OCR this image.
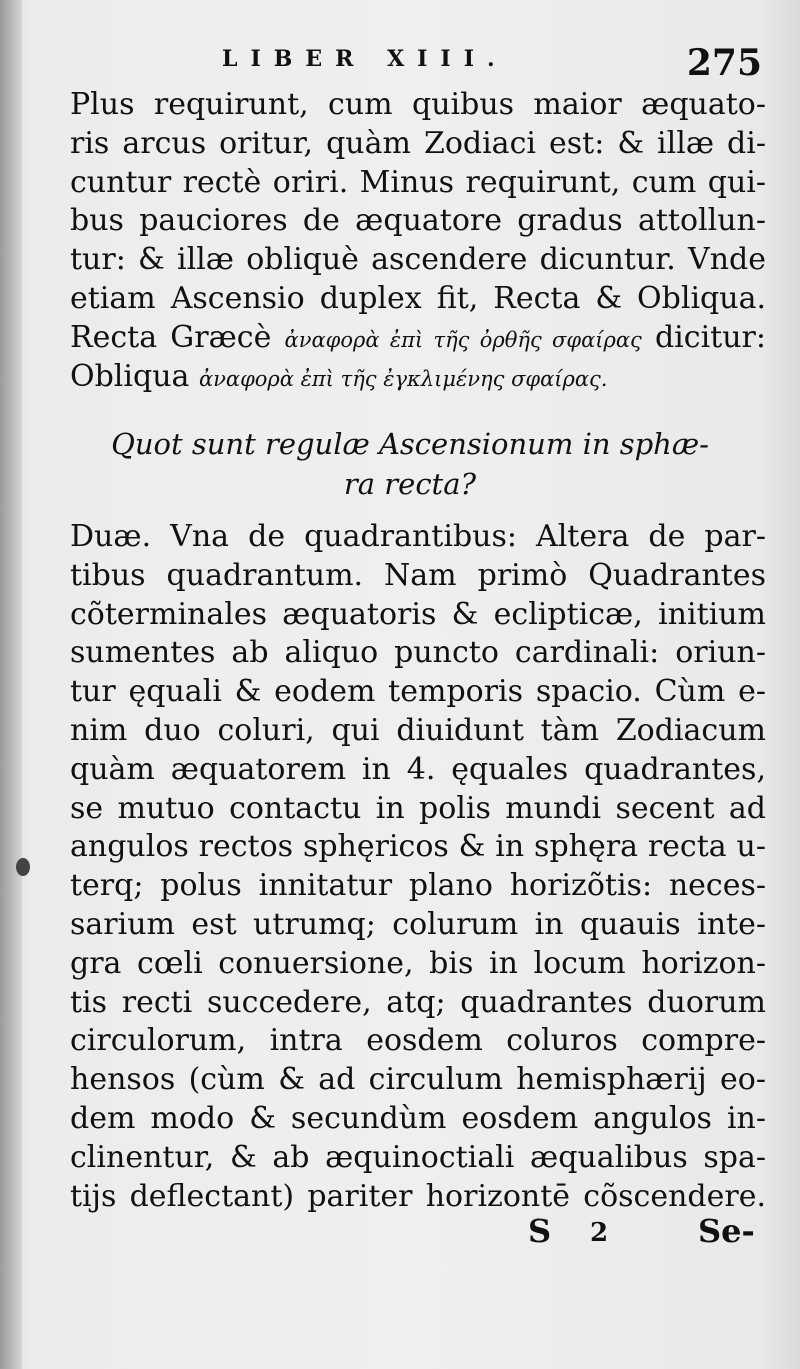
LIBER XIII.	275
Plus requirunt, cum quibus maior æquato-
ris arcus oritur, quàm Zodiaci est: & illæ di-
cuntur rectè oriri. Minus requirunt, cum qui-
bus pauciores de æquatore gradus attollun-
tur: & illæ obliquè ascendere dicuntur. Vnde
etiam Ascensio duplex fit, Recta & Obliqua.
Recta Græcè ἀναφορὰ ἐπὶ τῆς ὀρθῆς σφαίρας dicitur:
Obliqua ἀναφορὰ ἐπὶ τῆς ἐγκλιμένης σφαίρας.
Quot sunt regulæ Ascensionum in sphæ-
ra recta?
Duæ. Vna de quadrantibus: Altera de par-
tibus quadrantum. Nam primò Quadrantes
cõterminales æquatoris & eclipticæ, initium
sumentes ab aliquo puncto cardinali: oriun-
tur ęquali & eodem temporis spacio. Cùm e-
nim duo coluri, qui diuidunt tàm Zodiacum
quàm æquatorem in 4. ęquales quadrantes,
se mutuo contactu in polis mundi secent ad
angulos rectos sphęricos & in sphęra recta u-
terq; polus innitatur plano horizõtis: neces-
sarium est utrumq; colurum in quauis inte-
gra cœli conuersione, bis in locum horizon-
tis recti succedere, atq; quadrantes duorum
circulorum, intra eosdem coluros compre-
hensos (cùm & ad circulum hemisphærij eo-
dem modo & secundùm eosdem angulos in-
clinentur, & ab æquinoctiali æqualibus spa-
tijs deflectant) pariter horizontē cõscendere.
S 2	Se-
